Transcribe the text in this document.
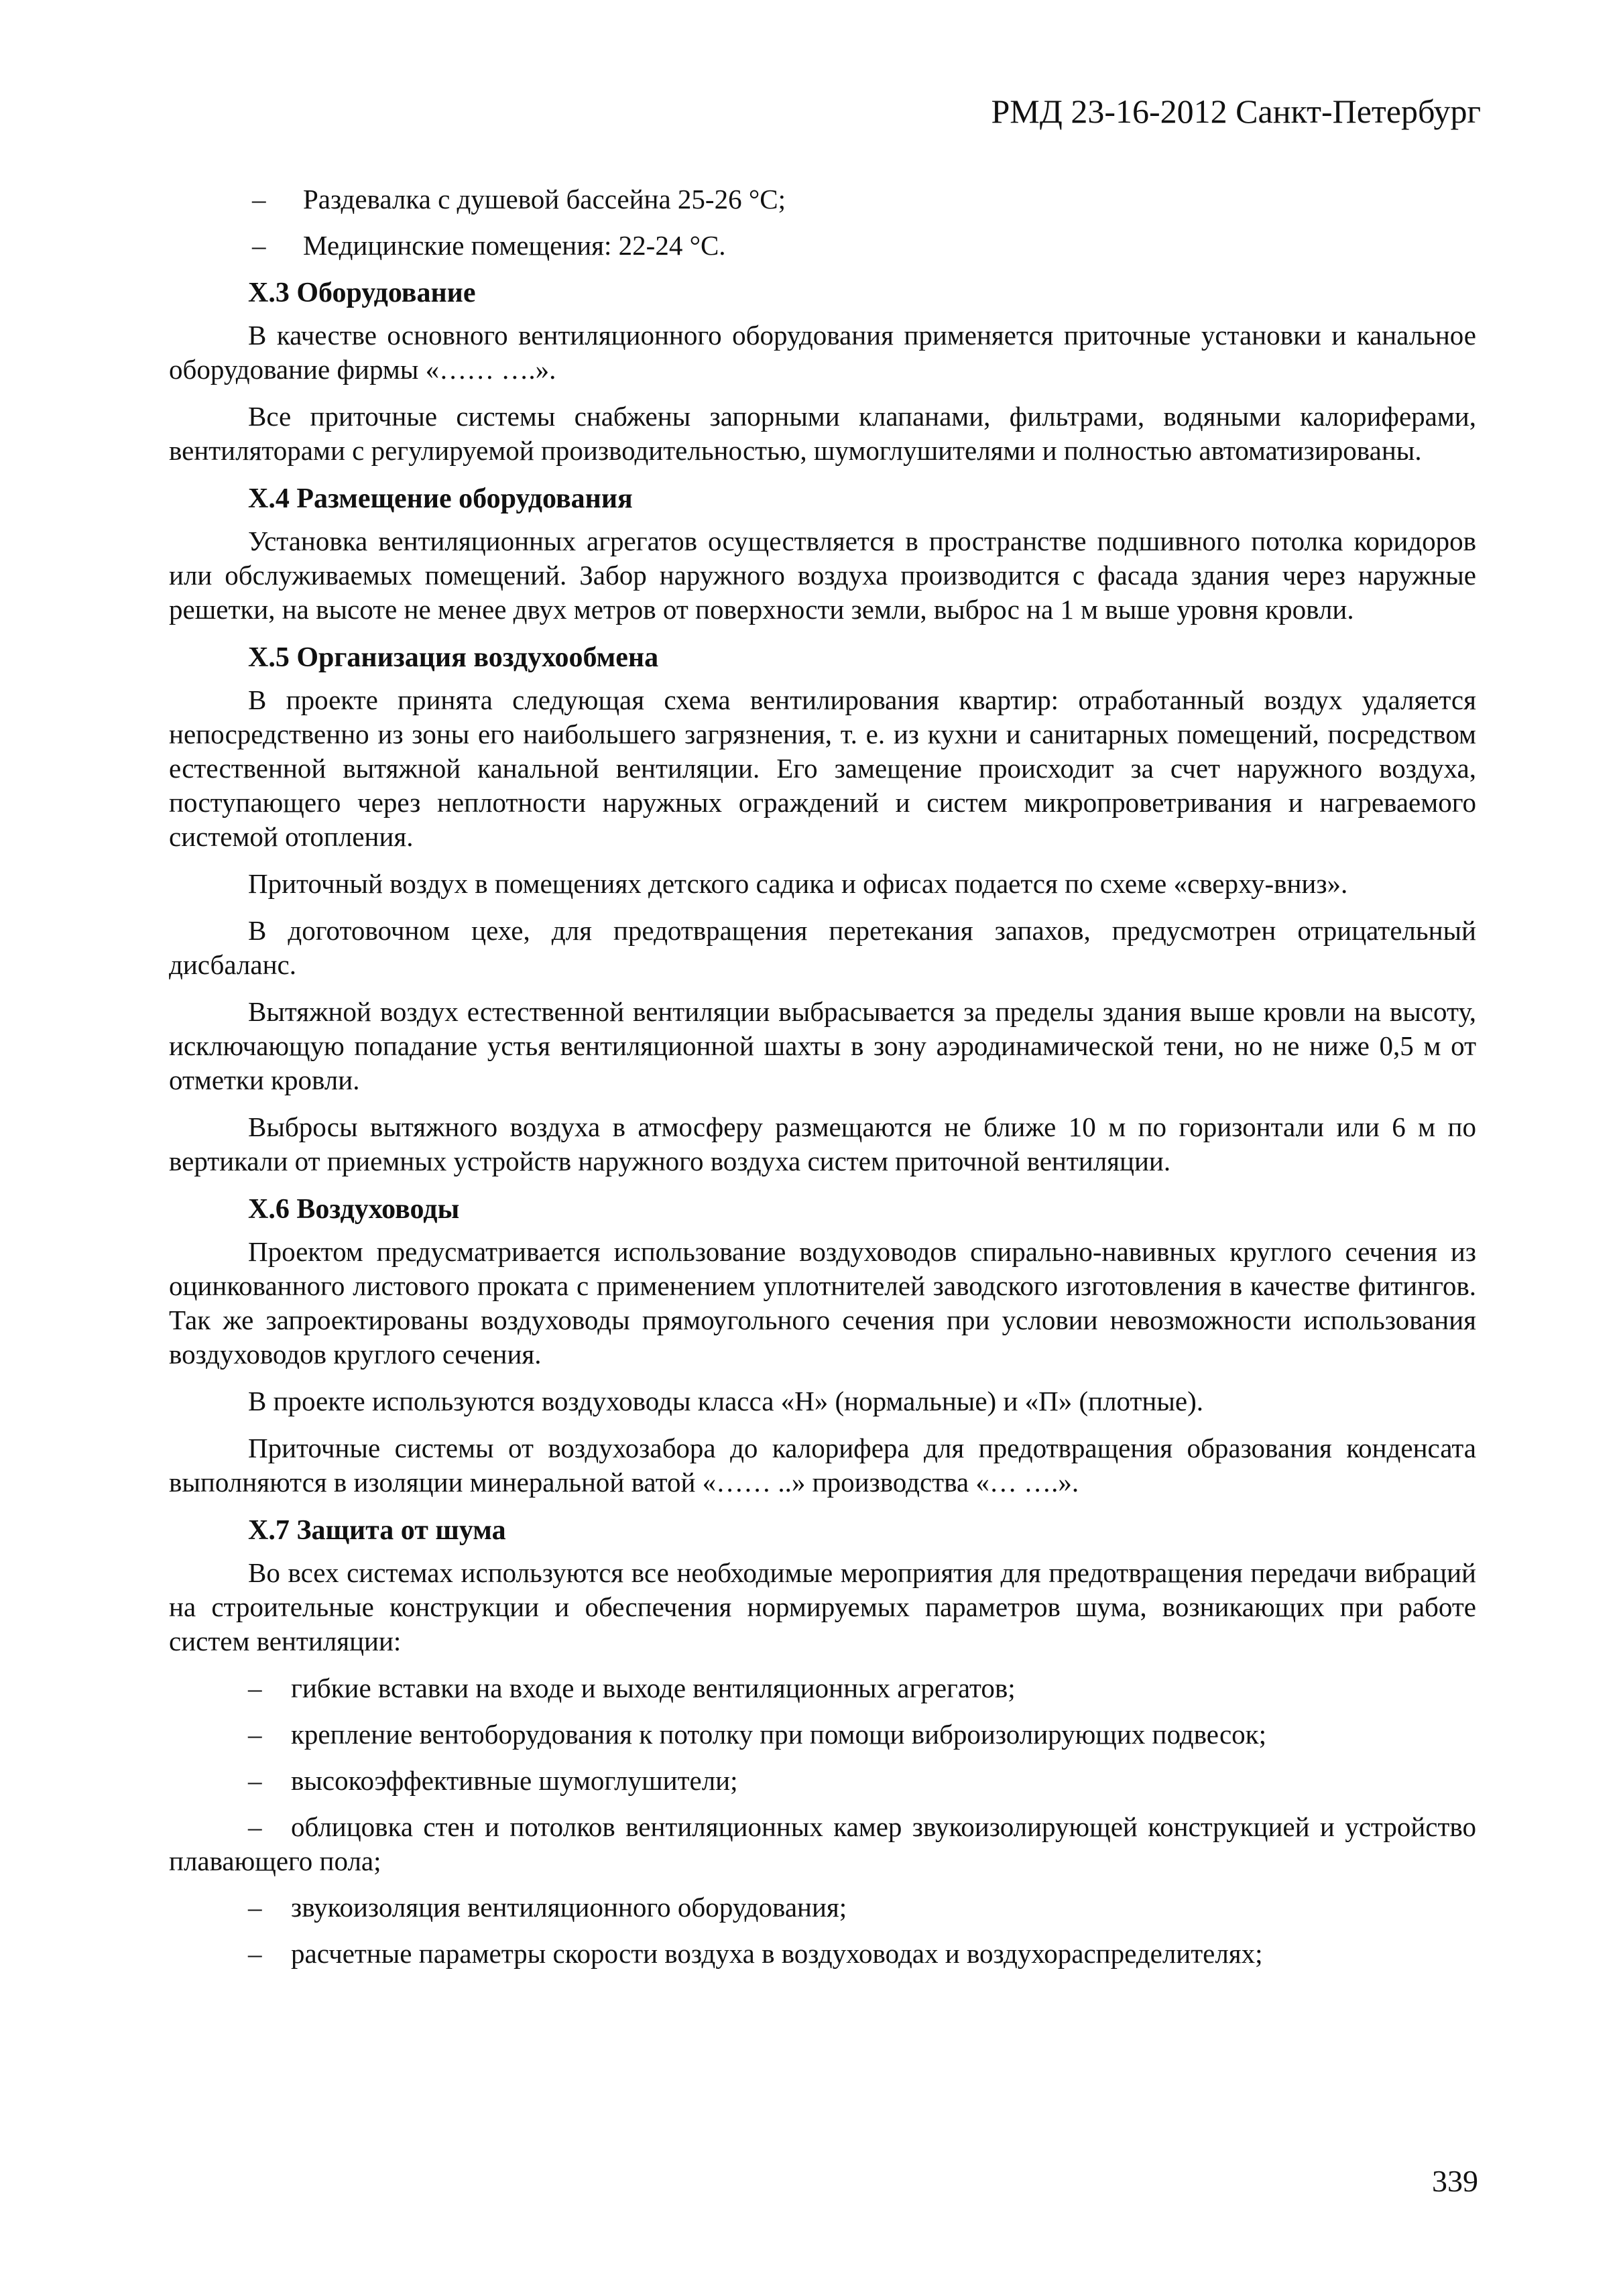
РМД 23-16-2012 Санкт-Петербург
– Раздевалка с душевой бассейна 25-26 °С;
– Медицинские помещения: 22-24 °С.
Х.3 Оборудование

В качестве основного вентиляционного оборудования применяется приточные установки и канальное оборудование фирмы «…… ….».

Все приточные системы снабжены запорными клапанами, фильтрами, водяными калориферами, вентиляторами с регулируемой производительностью, шумоглушителями и полностью автоматизированы.

Х.4 Размещение оборудования

Установка вентиляционных агрегатов осуществляется в пространстве подшивного потолка коридоров или обслуживаемых помещений. Забор наружного воздуха производится с фасада здания через наружные решетки, на высоте не менее двух метров от поверхности земли, выброс на 1 м выше уровня кровли.

Х.5 Организация воздухообмена

В проекте принята следующая схема вентилирования квартир: отработанный воздух удаляется непосредственно из зоны его наибольшего загрязнения, т. е. из кухни и санитарных помещений, посредством естественной вытяжной канальной вентиляции. Его замещение происходит за счет наружного воздуха, поступающего через неплотности наружных ограждений и систем микропроветривания и нагреваемого системой отопления.

Приточный воздух в помещениях детского садика и офисах подается по схеме «сверху-вниз».

В доготовочном цехе, для предотвращения перетекания запахов, предусмотрен отрицательный дисбаланс.

Вытяжной воздух естественной вентиляции выбрасывается за пределы здания выше кровли на высоту, исключающую попадание устья вентиляционной шахты в зону аэродинамической тени, но не ниже 0,5 м от отметки кровли.

Выбросы вытяжного воздуха в атмосферу размещаются не ближе 10 м по горизонтали или 6 м по вертикали от приемных устройств наружного воздуха систем приточной вентиляции.

Х.6 Воздуховоды

Проектом предусматривается использование воздуховодов спирально-навивных круглого сечения из оцинкованного листового проката с применением уплотнителей заводского изготовления в качестве фитингов. Так же запроектированы воздуховоды прямоугольного сечения при условии невозможности использования воздуховодов круглого сечения.

В проекте используются воздуховоды класса «Н» (нормальные) и «П» (плотные).

Приточные системы от воздухозабора до калорифера для предотвращения образования конденсата выполняются в изоляции минеральной ватой «…… ..» производства «… ….».

Х.7 Защита от шума

Во всех системах используются все необходимые мероприятия для предотвращения передачи вибраций на строительные конструкции и обеспечения нормируемых параметров шума, возникающих при работе систем вентиляции:

– гибкие вставки на входе и выходе вентиляционных агрегатов;
– крепление вентоборудования к потолку при помощи виброизолирующих подвесок;
– высокоэффективные шумоглушители;
– облицовка стен и потолков вентиляционных камер звукоизолирующей конструкцией и устройство плавающего пола;
– звукоизоляция вентиляционного оборудования;
– расчетные параметры скорости воздуха в воздуховодах и воздухораспределителях;
339
